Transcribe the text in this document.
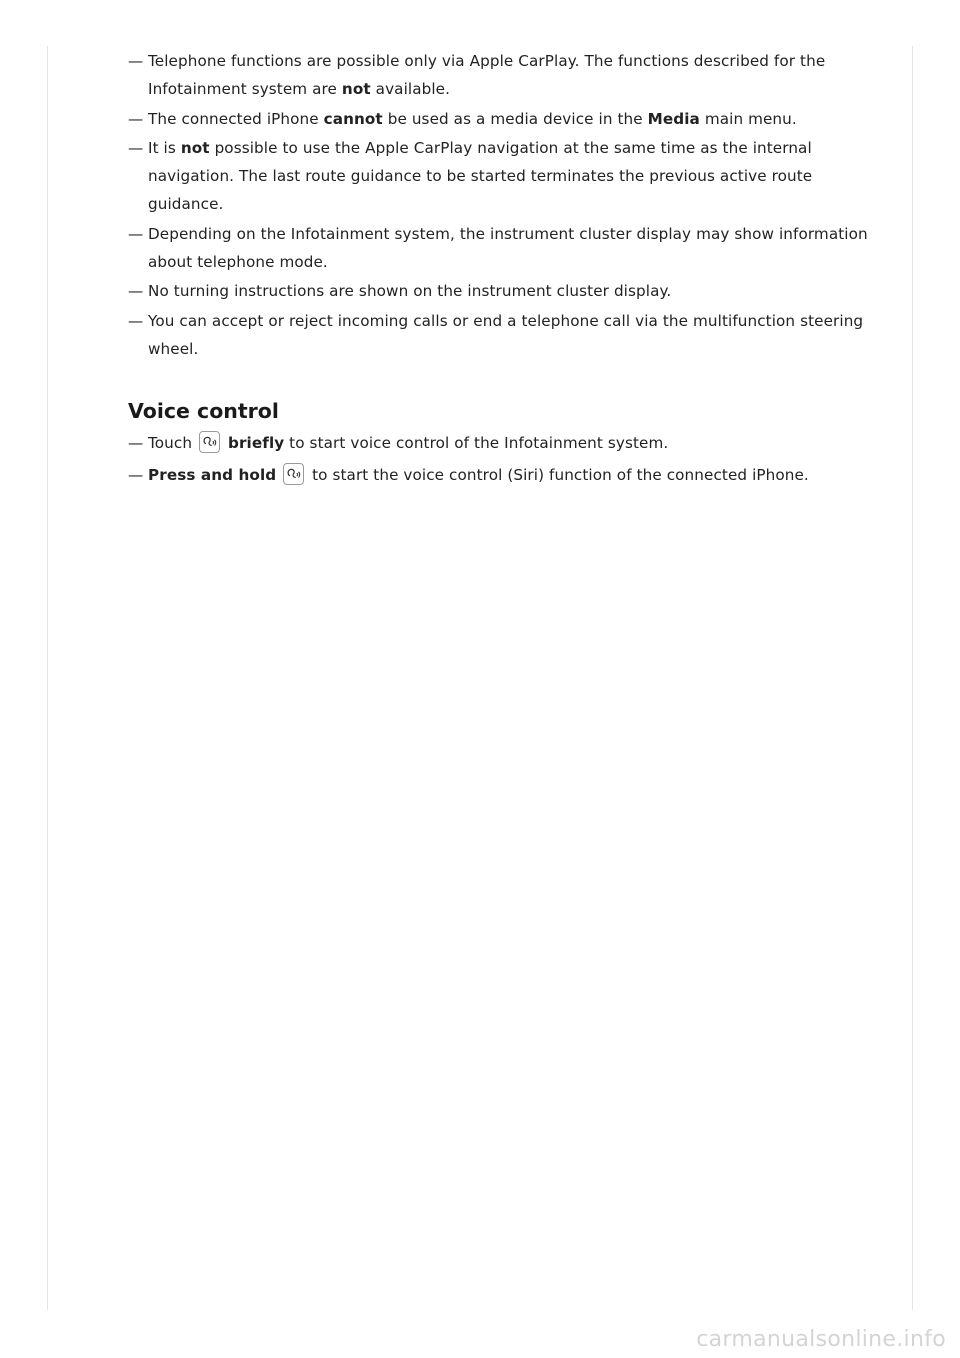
— Telephone functions are possible only via Apple CarPlay. The functions described for the Infotainment system are not available.
— The connected iPhone cannot be used as a media device in the Media main menu.
— It is not possible to use the Apple CarPlay navigation at the same time as the internal navigation. The last route guidance to be started terminates the previous active route guidance.
— Depending on the Infotainment system, the instrument cluster display may show information about telephone mode.
— No turning instructions are shown on the instrument cluster display.
— You can accept or reject incoming calls or end a telephone call via the multifunction steering wheel.
Voice control
— Touch briefly to start voice control of the Infotainment system.
— Press and hold
to start the voice control (Siri) function of the connected iPhone.
carmanualsonline.info
